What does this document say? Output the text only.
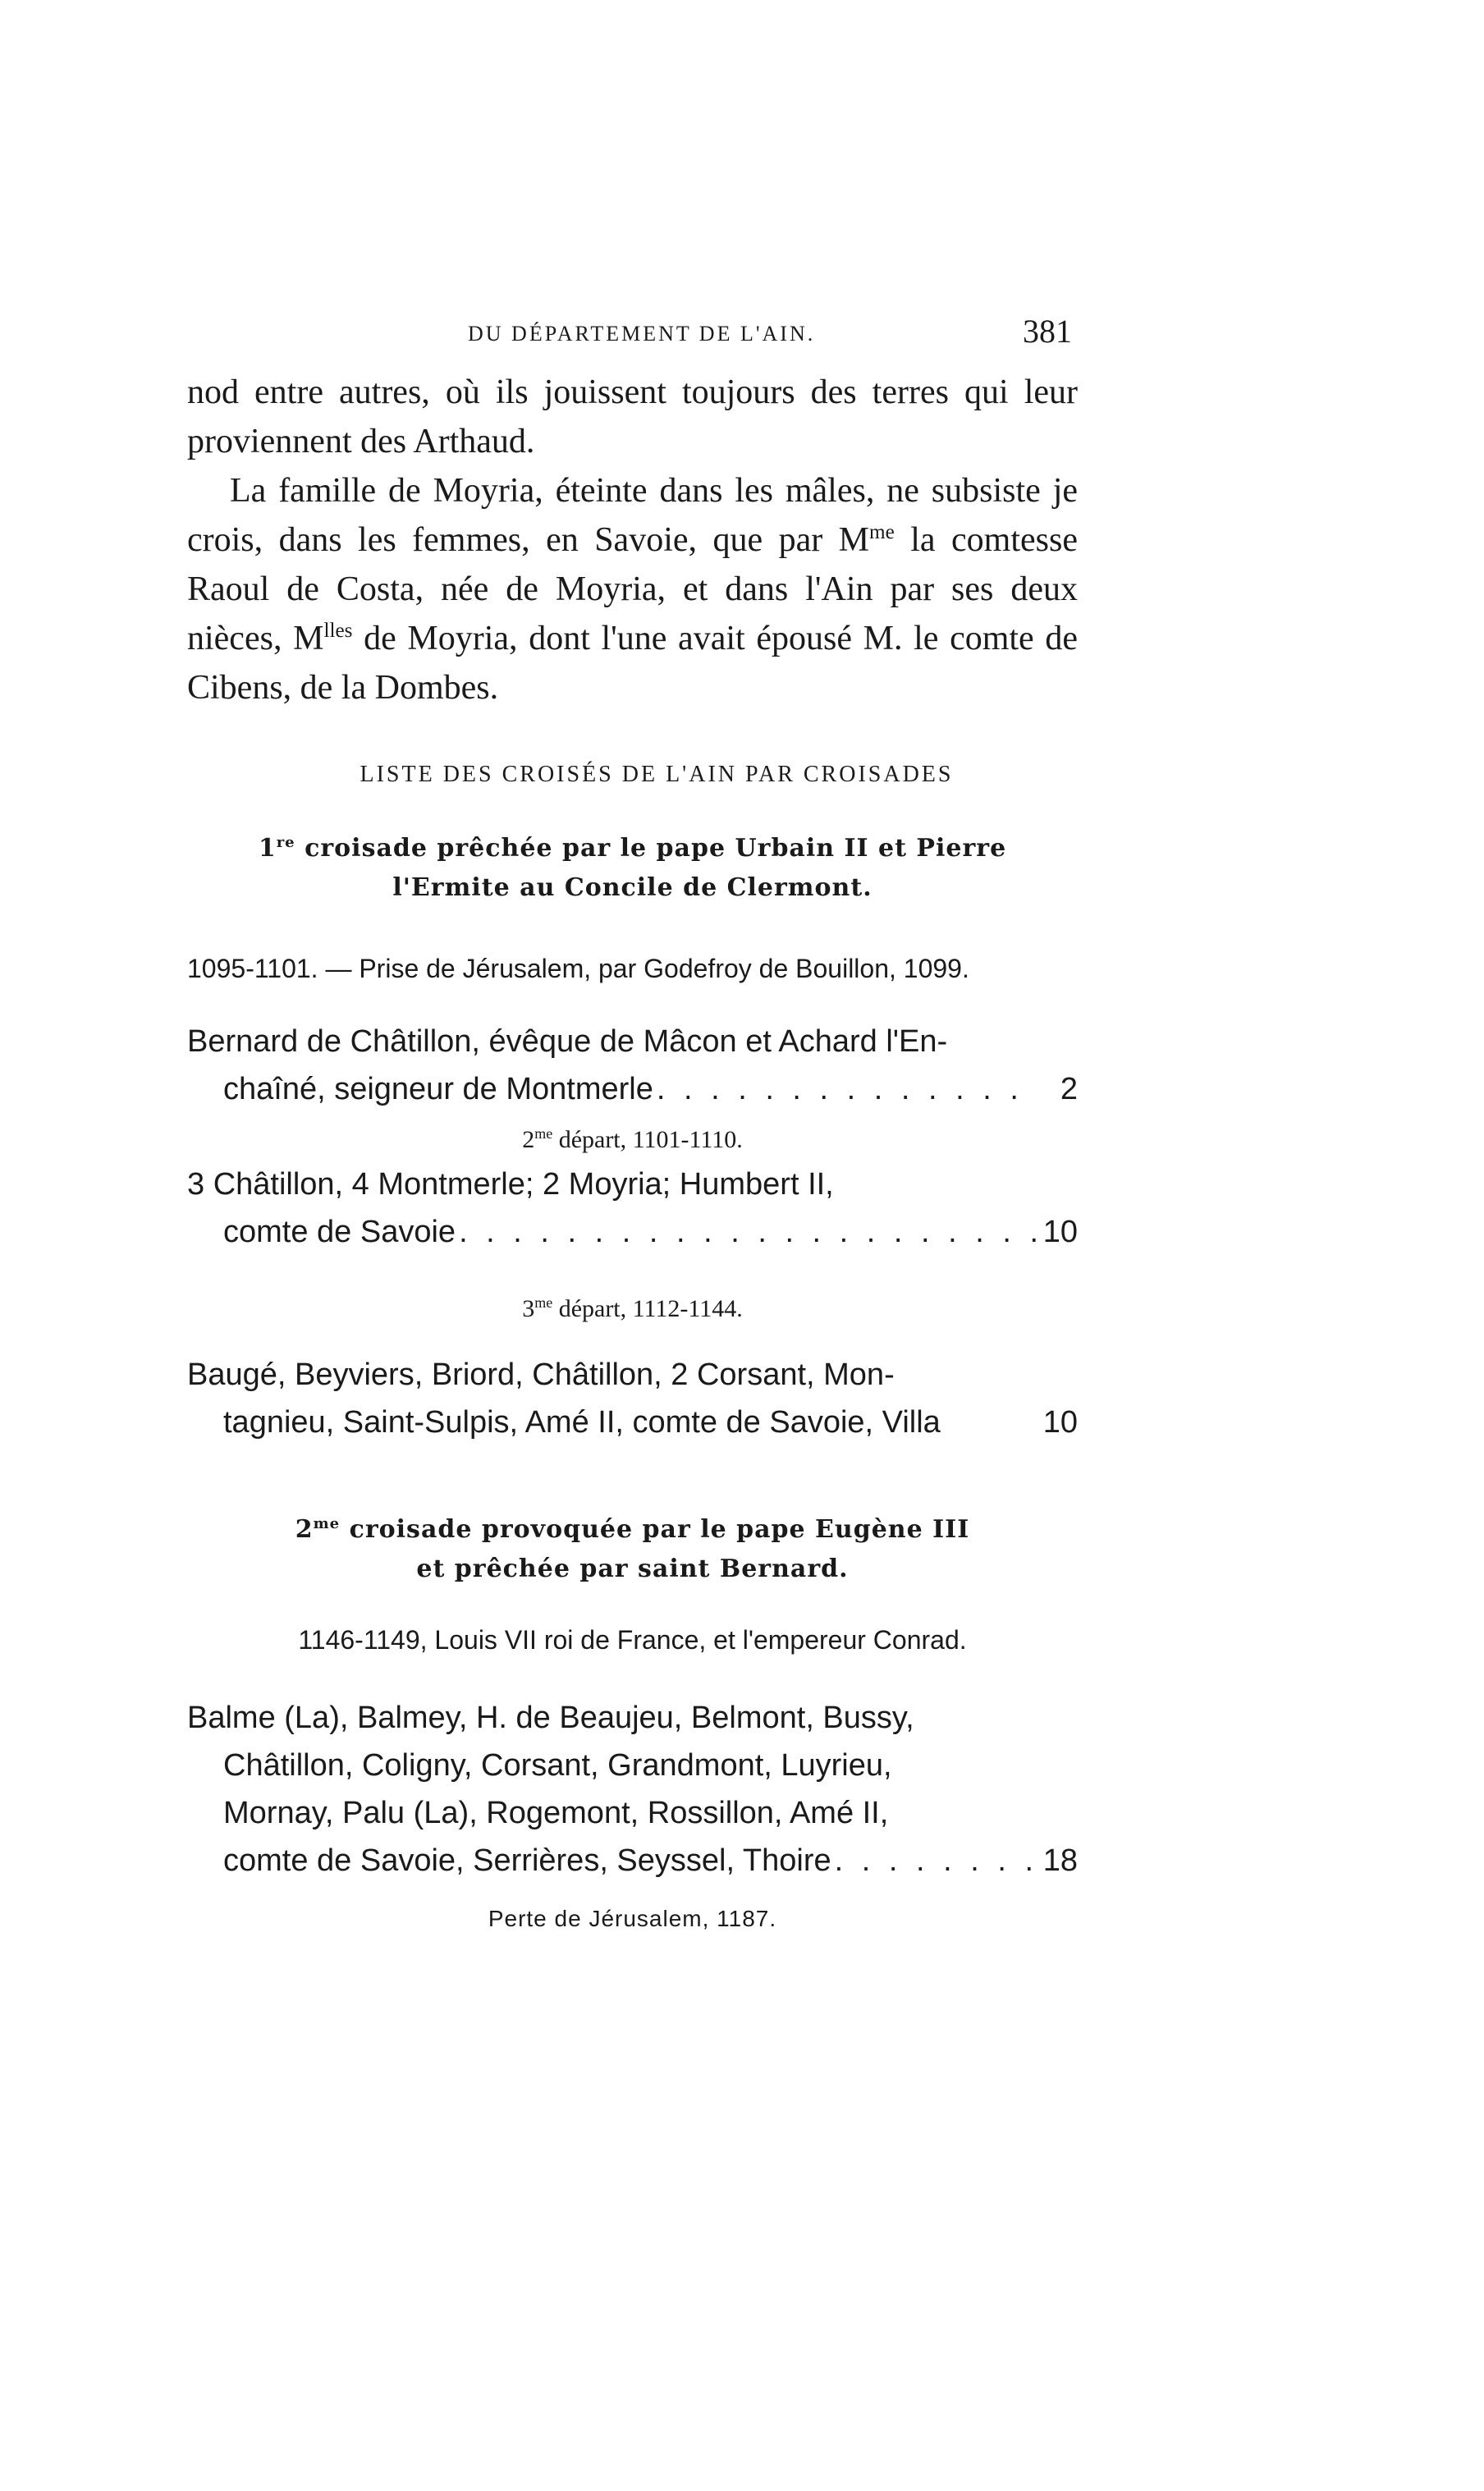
DU DÉPARTEMENT DE L'AIN.	381

nod entre autres, où ils jouissent toujours des terres qui leur proviennent des Arthaud.

La famille de Moyria, éteinte dans les mâles, ne subsiste je crois, dans les femmes, en Savoie, que par $M^{me}$ la comtesse Raoul de Costa, née de Moyria, et dans l'Ain par ses deux nièces, $M^{lles}$ de Moyria, dont l'une avait épousé M. le comte de Cibens, de la Dombes.

LISTE DES CROISÉS DE L'AIN PAR CROISADES

1re croisade prêchée par le pape Urbain II et Pierre

l'Ermite au Concile de Clermont.

1095-1101. — Prise de Jérusalem, par Godefroy de Bouillon, 1099.
Bernard de Châtillon, évêque de Mâcon et Achard l'En-
chaîné, seigneur de Montmerle . . .	2
$2^{me}$ départ, 1101-1110.
3 Châtillon, 4 Montmerle; 2 Moyria; Humbert II,
comte de Savoie . . .	10
$3^{me}$ départ, 1112-1144.
Baugé, Beyviers, Briord, Châtillon, 2 Corsant, Mon-
tagnieu, Saint-Sulpis, Amé II, comte de Savoie, Villa	10

$2^{me}$ croisade provoquée par le pape Eugène III

et prêchée par saint Bernard.

1146-1149, Louis VII roi de France, et l'empereur Conrad.
Balme (La), Balmey, H. de Beaujeu, Belmont, Bussy,
Châtillon, Coligny, Corsant, Grandmont, Luyrieu,
Mornay, Palu (La), Rogemont, Rossillon, Amé II,
comte de Savoie, Serrières, Seyssel, Thoire . . .	18
Perte de Jérusalem, 1187.
